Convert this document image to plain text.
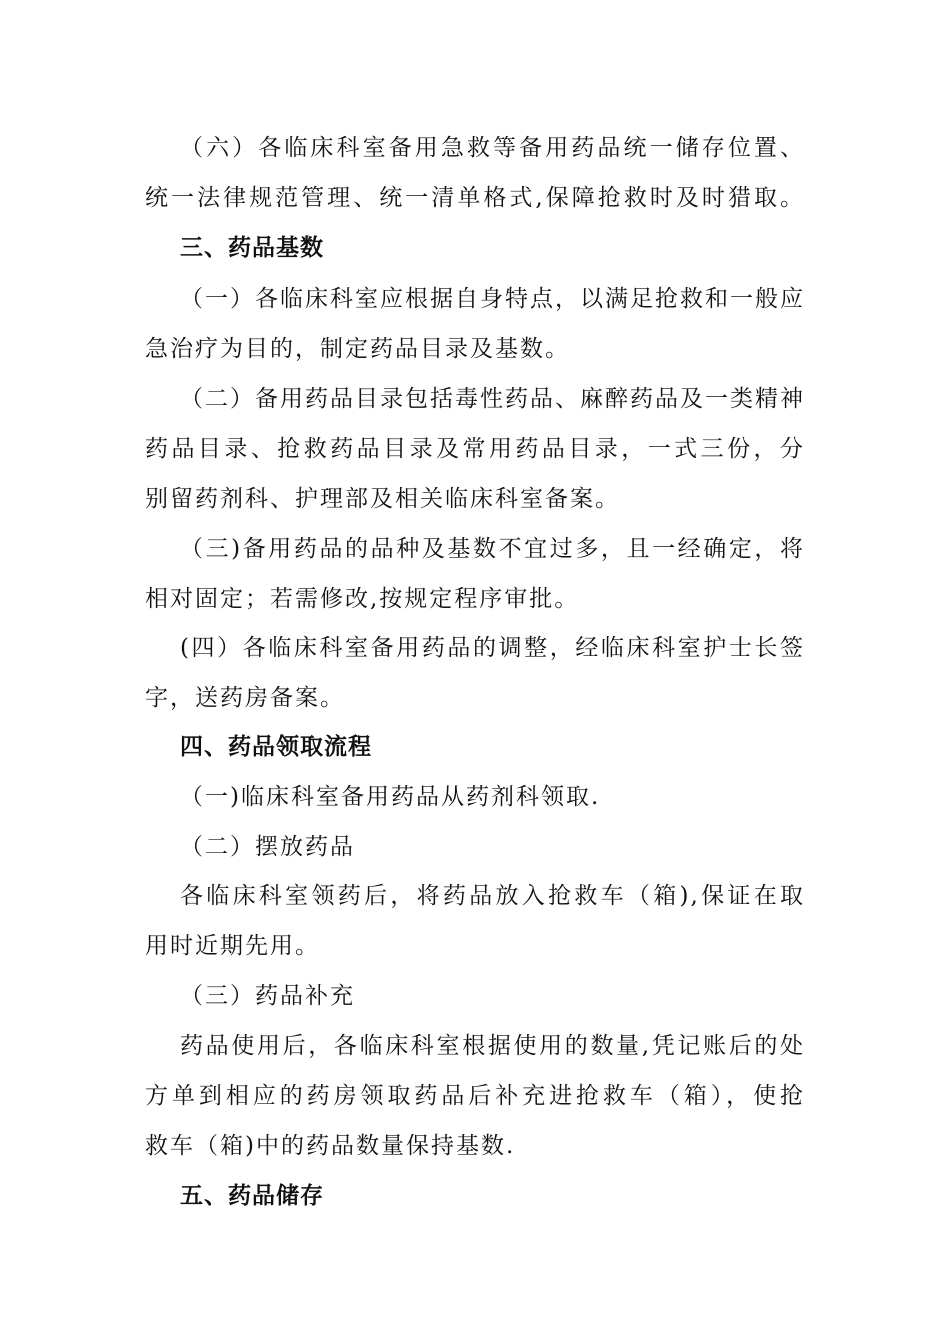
（六）各临床科室备用急救等备用药品统一储存位置、
统一法律规范管理、统一清单格式,保障抢救时及时猎取。
三、药品基数
（一）各临床科室应根据自身特点，以满足抢救和一般应
急治疗为目的，制定药品目录及基数。
（二）备用药品目录包括毒性药品、麻醉药品及一类精神
药品目录、抢救药品目录及常用药品目录，一式三份，分
别留药剂科、护理部及相关临床科室备案。
（三)备用药品的品种及基数不宜过多，且一经确定，将
相对固定；若需修改,按规定程序审批。
(四）各临床科室备用药品的调整，经临床科室护士长签
字，送药房备案。
四、药品领取流程
（一)临床科室备用药品从药剂科领取.
（二）摆放药品
各临床科室领药后，将药品放入抢救车（箱),保证在取
用时近期先用。
（三）药品补充
药品使用后，各临床科室根据使用的数量,凭记账后的处
方单到相应的药房领取药品后补充进抢救车（箱），使抢
救车（箱)中的药品数量保持基数.
五、药品储存
